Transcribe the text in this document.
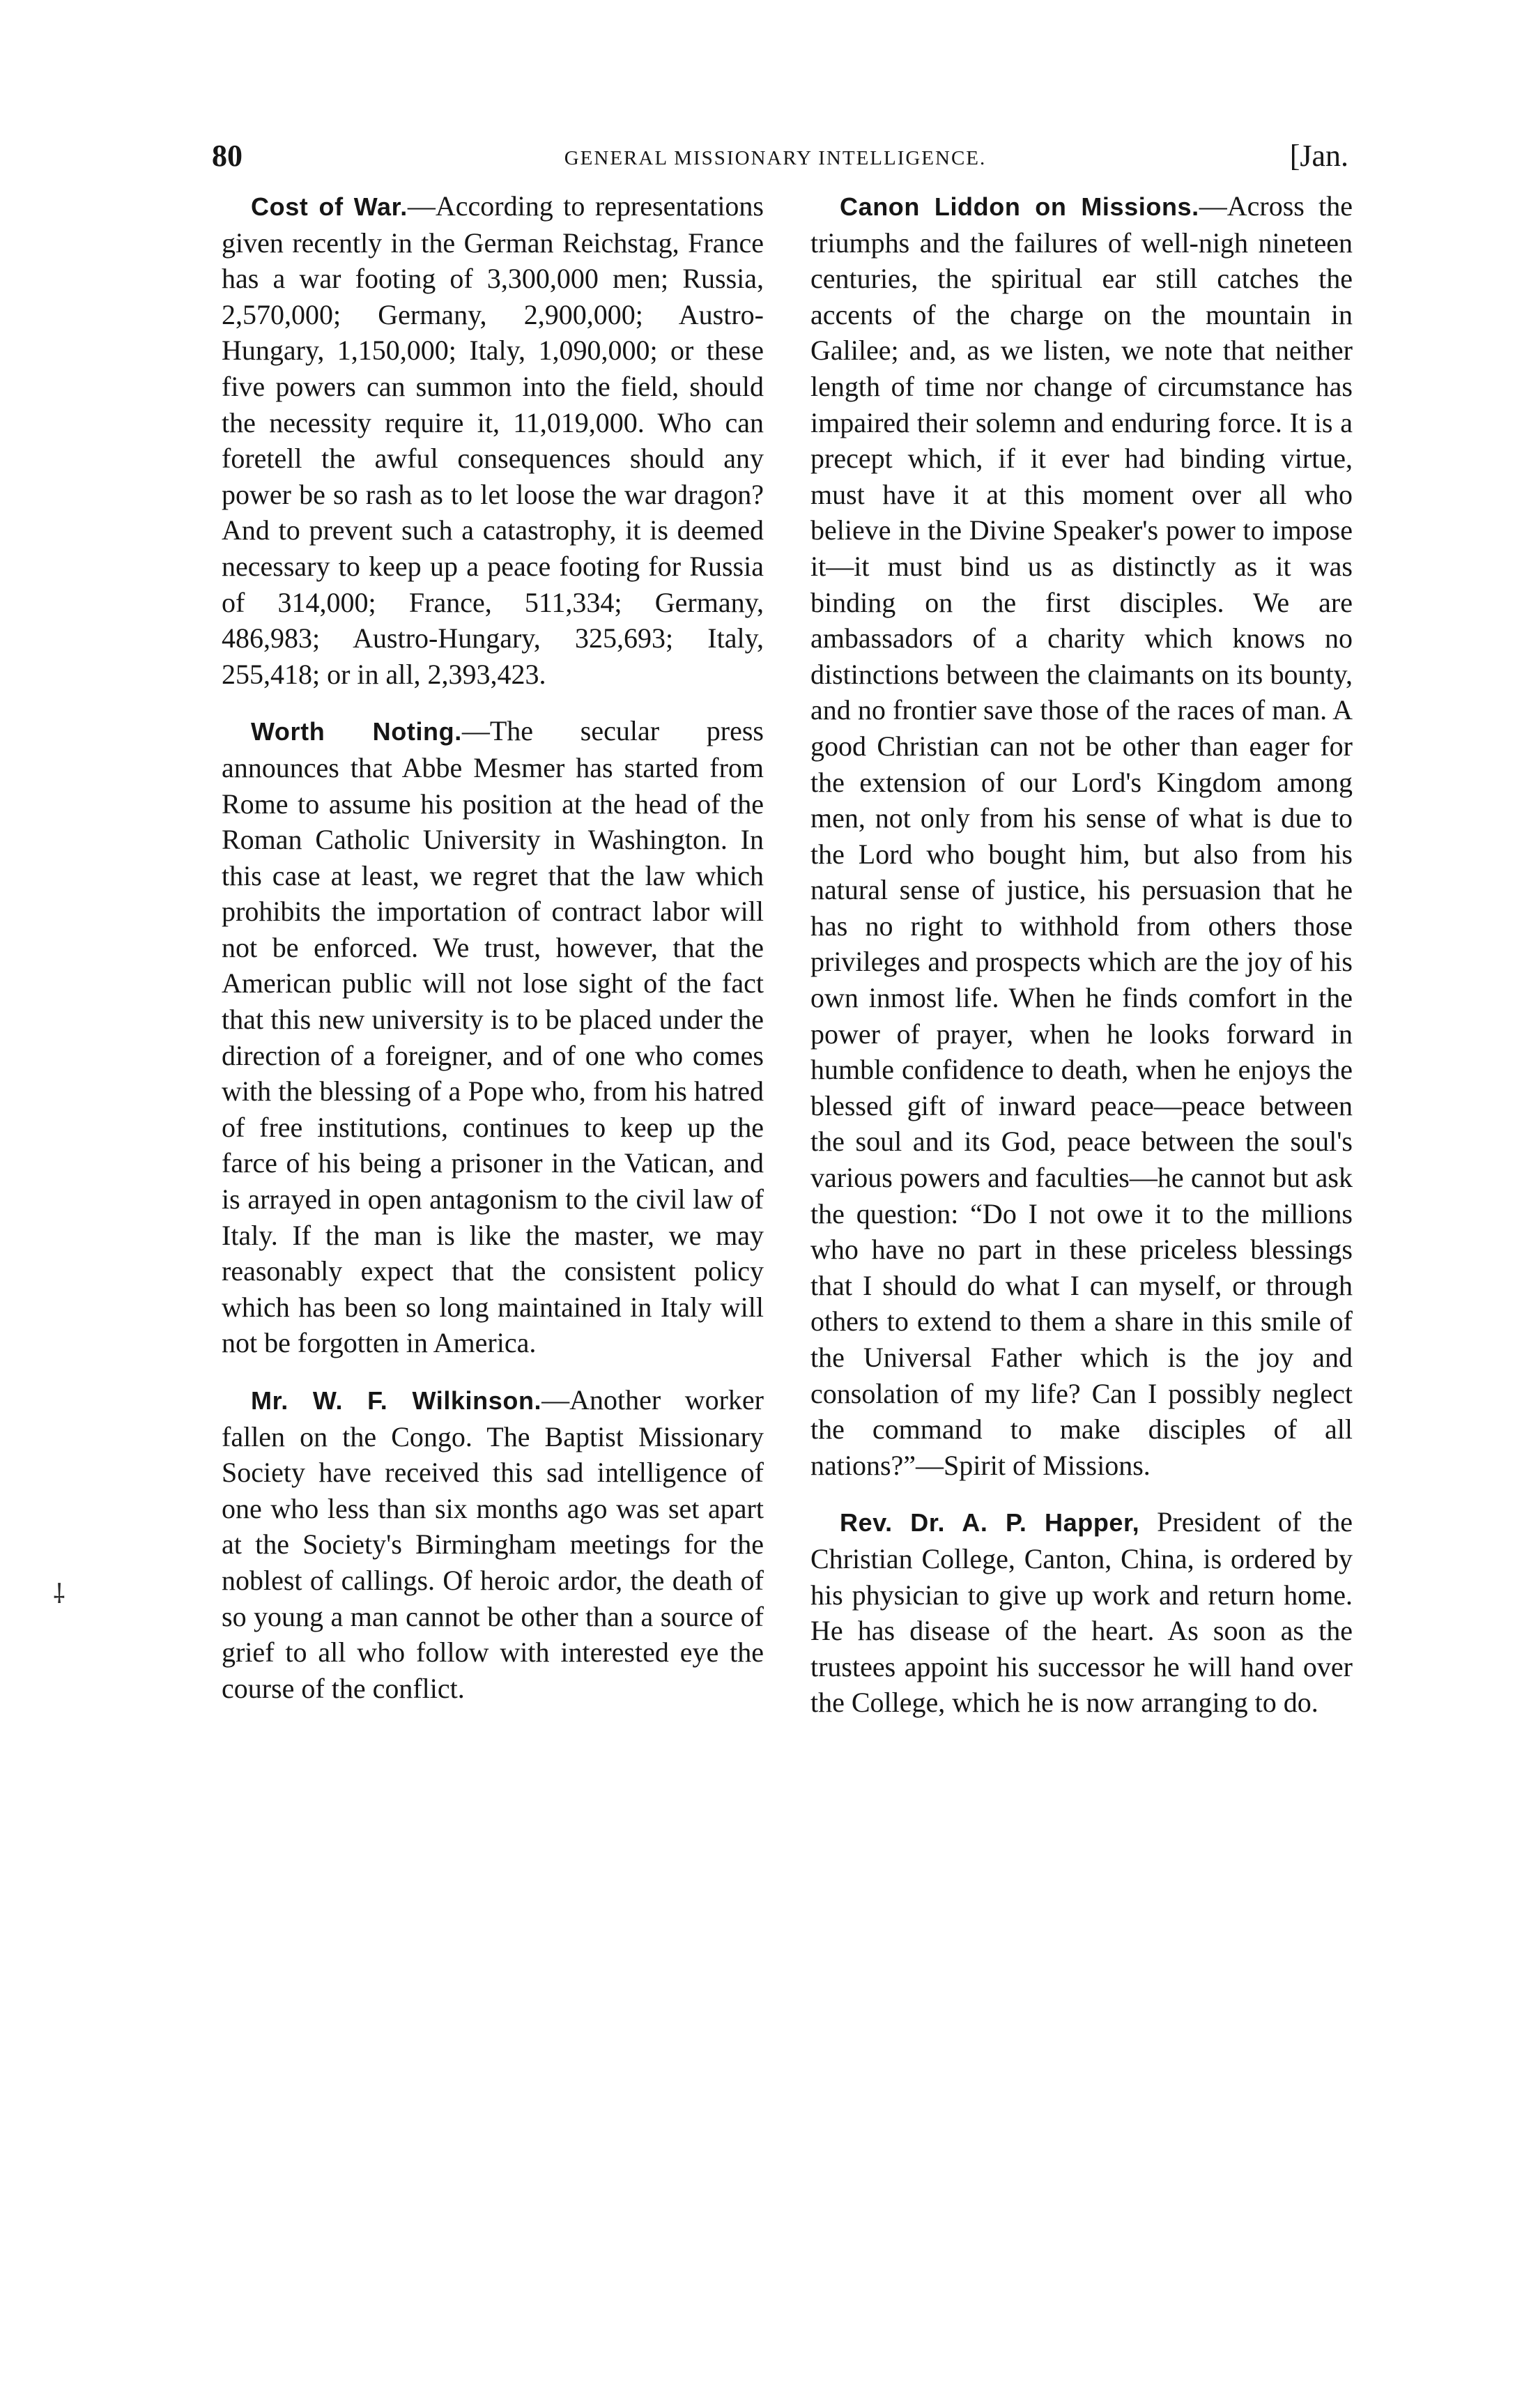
80	GENERAL MISSIONARY INTELLIGENCE.	[Jan.
⸸

Cost of War.—According to representations given recently in the German Reichstag, France has a war footing of 3,300,000 men; Russia, 2,570,000; Germany, 2,900,000; Austro-Hungary, 1,150,000; Italy, 1,090,000; or these five powers can summon into the field, should the necessity require it, 11,019,000. Who can foretell the awful consequences should any power be so rash as to let loose the war dragon? And to prevent such a catastrophy, it is deemed necessary to keep up a peace footing for Russia of 314,000; France, 511,334; Germany, 486,983; Austro-Hungary, 325,693; Italy, 255,418; or in all, 2,393,423.

Worth Noting.—The secular press announces that Abbe Mesmer has started from Rome to assume his position at the head of the Roman Catholic University in Washington. In this case at least, we regret that the law which prohibits the importation of contract labor will not be enforced. We trust, however, that the American public will not lose sight of the fact that this new university is to be placed under the direction of a foreigner, and of one who comes with the blessing of a Pope who, from his hatred of free institutions, continues to keep up the farce of his being a prisoner in the Vatican, and is arrayed in open antagonism to the civil law of Italy. If the man is like the master, we may reasonably expect that the consistent policy which has been so long maintained in Italy will not be forgotten in America.

Mr. W. F. Wilkinson.—Another worker fallen on the Congo. The Baptist Missionary Society have received this sad intelligence of one who less than six months ago was set apart at the Society's Birmingham meetings for the noblest of callings. Of heroic ardor, the death of so young a man cannot be other than a source of grief to all who follow with interested eye the course of the conflict.

Canon Liddon on Missions.—Across the triumphs and the failures of well-nigh nineteen centuries, the spiritual ear still catches the accents of the charge on the mountain in Galilee; and, as we listen, we note that neither length of time nor change of circumstance has impaired their solemn and enduring force. It is a precept which, if it ever had binding virtue, must have it at this moment over all who believe in the Divine Speaker's power to impose it—it must bind us as distinctly as it was binding on the first disciples. We are ambassadors of a charity which knows no distinctions between the claimants on its bounty, and no frontier save those of the races of man. A good Christian can not be other than eager for the extension of our Lord's Kingdom among men, not only from his sense of what is due to the Lord who bought him, but also from his natural sense of justice, his persuasion that he has no right to withhold from others those privileges and prospects which are the joy of his own inmost life. When he finds comfort in the power of prayer, when he looks forward in humble confidence to death, when he enjoys the blessed gift of inward peace—peace between the soul and its God, peace between the soul's various powers and faculties—he cannot but ask the question: “Do I not owe it to the millions who have no part in these priceless blessings that I should do what I can myself, or through others to extend to them a share in this smile of the Universal Father which is the joy and consolation of my life? Can I possibly neglect the command to make disciples of all nations?”—Spirit of Missions.

Rev. Dr. A. P. Happer, President of the Christian College, Canton, China, is ordered by his physician to give up work and return home. He has disease of the heart. As soon as the trustees appoint his successor he will hand over the College, which he is now arranging to do.
